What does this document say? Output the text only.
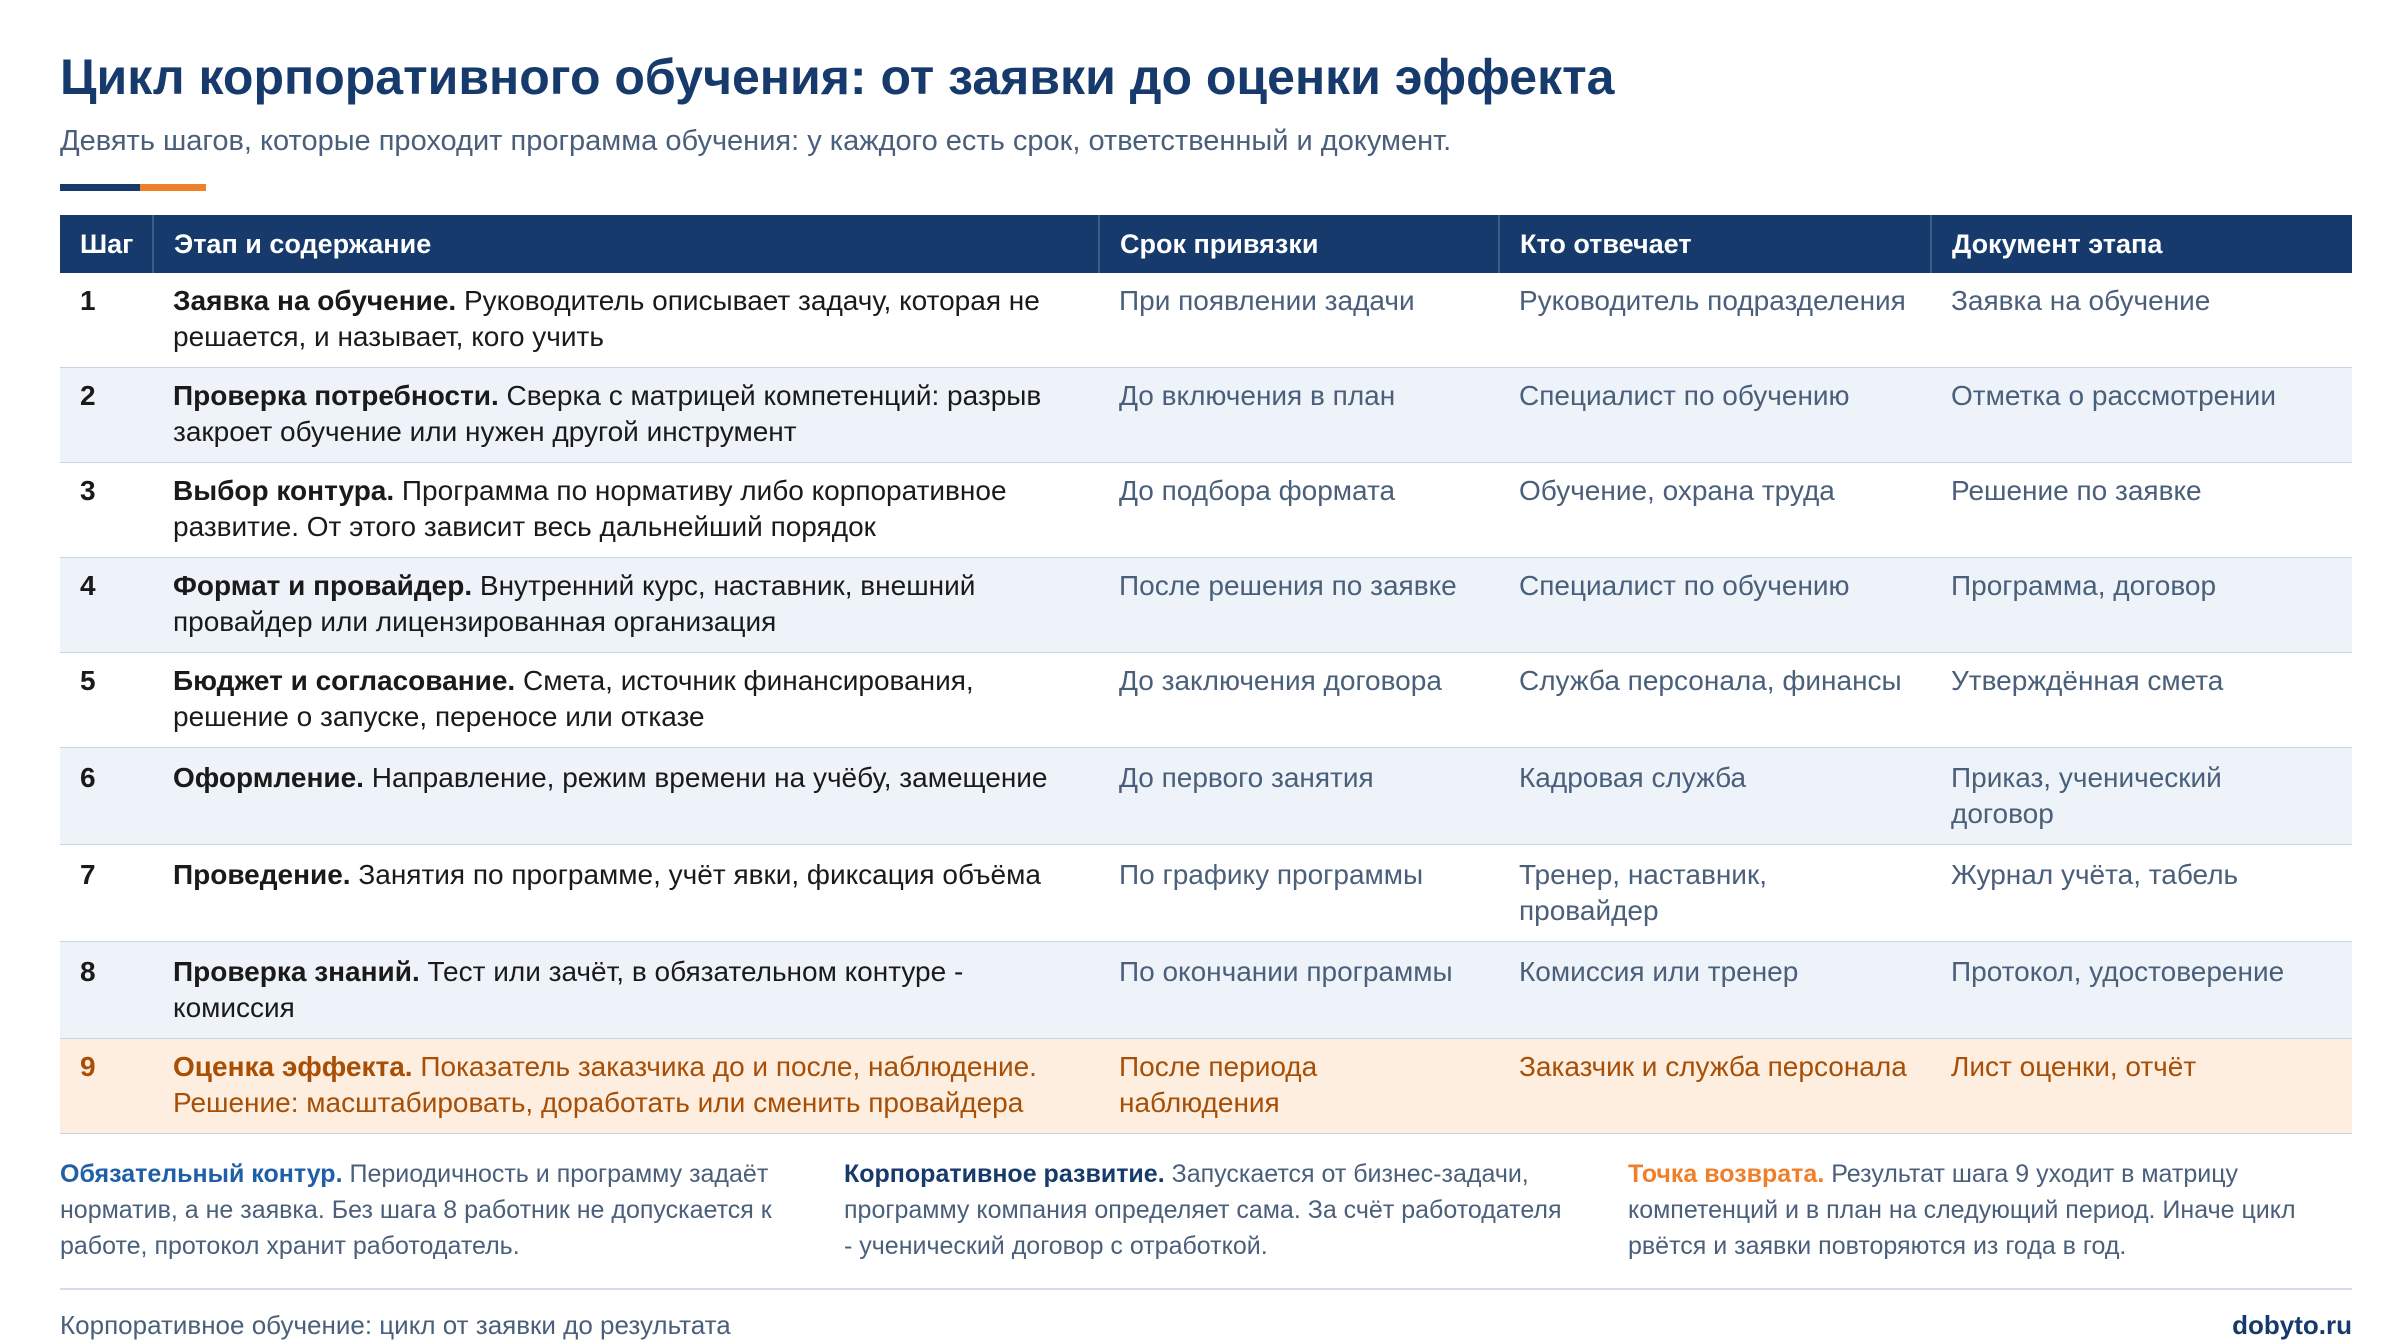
Цикл корпоративного обучения: от заявки до оценки эффекта
Девять шагов, которые проходит программа обучения: у каждого есть срок, ответственный и документ.
Шаг	Этап и содержание	Срок привязки	Кто отвечает	Документ этапа
1	Заявка на обучение. Руководитель описывает задачу, которая не решается, и называет, кого учить	При появлении задачи	Руководитель подразделения	Заявка на обучение
2	Проверка потребности. Сверка с матрицей компетенций: разрыв закроет обучение или нужен другой инструмент	До включения в план	Специалист по обучению	Отметка о рассмотрении
3	Выбор контура. Программа по нормативу либо корпоративное развитие. От этого зависит весь дальнейший порядок	До подбора формата	Обучение, охрана труда	Решение по заявке
4	Формат и провайдер. Внутренний курс, наставник, внешний провайдер или лицензированная организация	После решения по заявке	Специалист по обучению	Программа, договор
5	Бюджет и согласование. Смета, источник финансирования, решение о запуске, переносе или отказе	До заключения договора	Служба персонала, финансы	Утверждённая смета
6	Оформление. Направление, режим времени на учёбу, замещение	До первого занятия	Кадровая служба	Приказ, ученический договор
7	Проведение. Занятия по программе, учёт явки, фиксация объёма	По графику программы	Тренер, наставник, провайдер	Журнал учёта, табель
8	Проверка знаний. Тест или зачёт, в обязательном контуре - комиссия	По окончании программы	Комиссия или тренер	Протокол, удостоверение
9	Оценка эффекта. Показатель заказчика до и после, наблюдение. Решение: масштабировать, доработать или сменить провайдера	После периода наблюдения	Заказчик и служба персонала	Лист оценки, отчёт
Обязательный контур. Периодичность и программу задаёт норматив, а не заявка. Без шага 8 работник не допускается к работе, протокол хранит работодатель.
Корпоративное развитие. Запускается от бизнес-задачи, программу компания определяет сама. За счёт работодателя - ученический договор с отработкой.
Точка возврата. Результат шага 9 уходит в матрицу компетенций и в план на следующий период. Иначе цикл рвётся и заявки повторяются из года в год.
Корпоративное обучение: цикл от заявки до результата	dobyto.ru
